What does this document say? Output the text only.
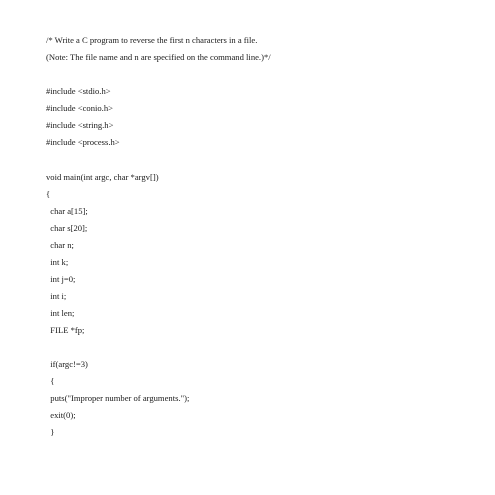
/* Write a C program to reverse the first n characters in a file.
(Note: The file name and n are specified on the command line.)*/
#include <stdio.h>
#include <conio.h>
#include <string.h>
#include <process.h>
void main(int argc, char *argv[])
{
char a[15];
char s[20];
char n;
int k;
int j=0;
int i;
int len;
FILE *fp;
if(argc!=3)
{
puts("Improper number of arguments.");
exit(0);
}
